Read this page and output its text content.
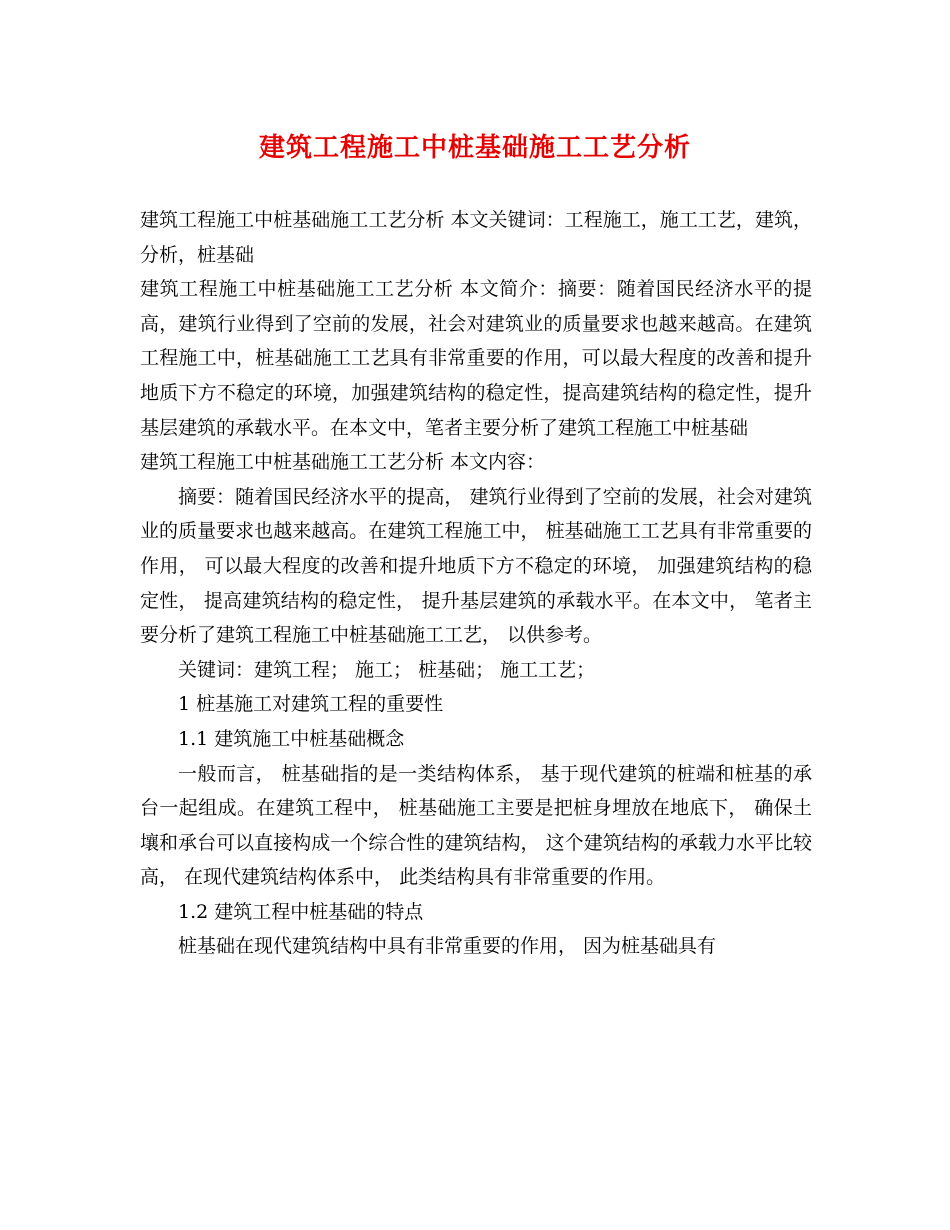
建筑工程施工中桩基础施工工艺分析

建筑工程施工中桩基础施工工艺分析 本文关键词：工程施工，施工工艺，建筑，分析，桩基础

建筑工程施工中桩基础施工工艺分析 本文简介：摘要：随着国民经济水平的提高，建筑行业得到了空前的发展，社会对建筑业的质量要求也越来越高。在建筑工程施工中，桩基础施工工艺具有非常重要的作用，可以最大程度的改善和提升地质下方不稳定的环境，加强建筑结构的稳定性，提高建筑结构的稳定性，提升基层建筑的承载水平。在本文中，笔者主要分析了建筑工程施工中桩基础

建筑工程施工中桩基础施工工艺分析 本文内容：

摘要：随着国民经济水平的提高， 建筑行业得到了空前的发展，社会对建筑业的质量要求也越来越高。在建筑工程施工中， 桩基础施工工艺具有非常重要的作用， 可以最大程度的改善和提升地质下方不稳定的环境， 加强建筑结构的稳定性， 提高建筑结构的稳定性， 提升基层建筑的承载水平。在本文中， 笔者主要分析了建筑工程施工中桩基础施工工艺， 以供参考。

关键词：建筑工程； 施工； 桩基础； 施工工艺；

1 桩基施工对建筑工程的重要性

1.1 建筑施工中桩基础概念

一般而言， 桩基础指的是一类结构体系， 基于现代建筑的桩端和桩基的承台一起组成。在建筑工程中， 桩基础施工主要是把桩身埋放在地底下， 确保土壤和承台可以直接构成一个综合性的建筑结构， 这个建筑结构的承载力水平比较高， 在现代建筑结构体系中， 此类结构具有非常重要的作用。

1.2 建筑工程中桩基础的特点

桩基础在现代建筑结构中具有非常重要的作用， 因为桩基础具有
